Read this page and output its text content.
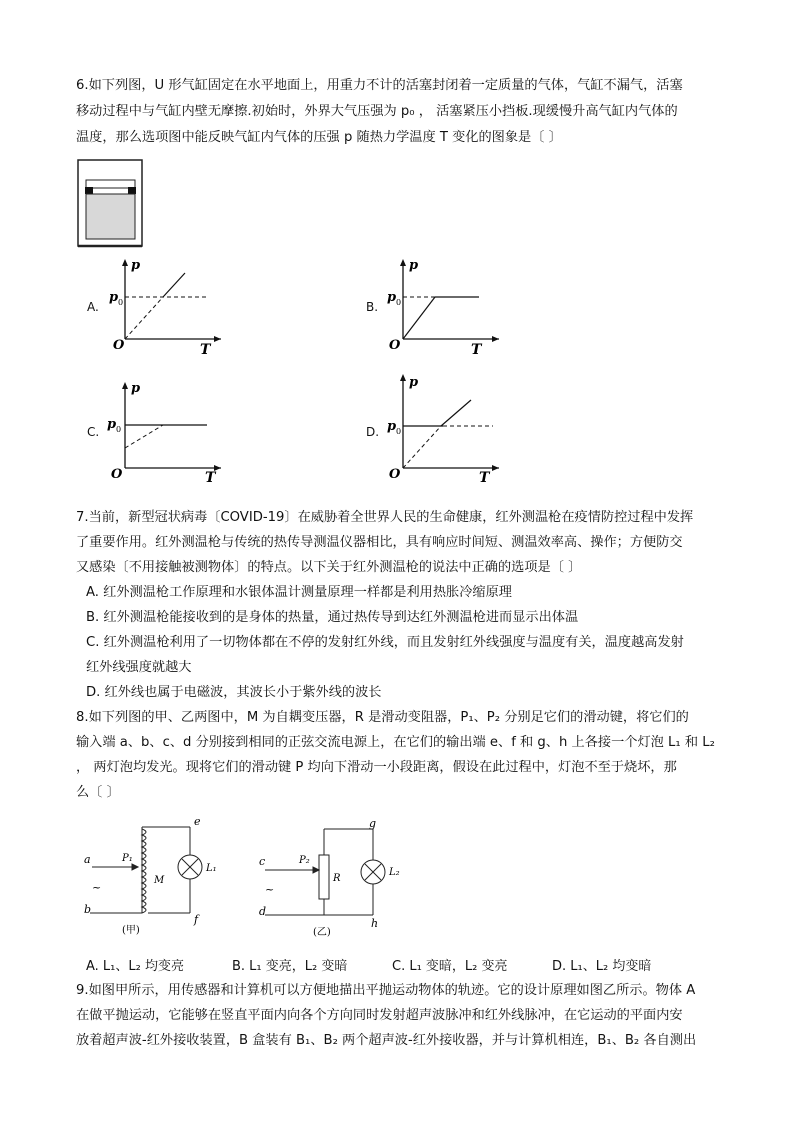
6.如下列图，U 形气缸固定在水平地面上，用重力不计的活塞封闭着一定质量的气体，气缸不漏气，活塞
移动过程中与气缸内壁无摩擦.初始时，外界大气压强为 p₀ ， 活塞紧压小挡板.现缓慢升高气缸内气体的
温度，那么选项图中能反映气缸内气体的压强 p 随热力学温度 T 变化的图象是〔 〕
A.	B.
C.	D.
p
T
O
p 0
p
T
O
p 0
p
T
O
p 0
p
T
O
p 0
7.当前，新型冠状病毒〔COVID-19〕在威胁着全世界人民的生命健康，红外测温枪在疫情防控过程中发挥
了重要作用。红外测温枪与传统的热传导测温仪器相比，具有响应时间短、测温效率高、操作；方便防交
又感染〔不用接触被测物体〕的特点。以下关于红外测温枪的说法中正确的选项是〔 〕
A. 红外测温枪工作原理和水银体温计测量原理一样都是利用热胀冷缩原理
B. 红外测温枪能接收到的是身体的热量，通过热传导到达红外测温枪进而显示出体温
C. 红外测温枪利用了一切物体都在不停的发射红外线，而且发射红外线强度与温度有关，温度越高发射
红外线强度就越大
D. 红外线也属于电磁波，其波长小于紫外线的波长
8.如下列图的甲、乙两图中，M 为自耦变压器，R 是滑动变阻器，P₁、P₂ 分别足它们的滑动键，将它们的
输入端 a、b、c、d 分别接到相同的正弦交流电源上，在它们的输出端 e、f 和 g、h 上各接一个灯泡 L₁ 和 L₂
， 两灯泡均发光。现将它们的滑动键 P 均向下滑动一小段距离，假设在此过程中，灯泡不至于烧坏，那
么〔 〕
a
b
e
f
P₁
M
L₁
~
(甲)
c
d
g
h
P₂
R
L₂
~
(乙)
A. L₁、L₂ 均变亮	B. L₁ 变亮，L₂ 变暗	C. L₁ 变暗，L₂ 变亮	D. L₁、L₂ 均变暗
9.如图甲所示，用传感器和计算机可以方便地描出平抛运动物体的轨迹。它的设计原理如图乙所示。物体 A
在做平抛运动，它能够在竖直平面内向各个方向同时发射超声波脉冲和红外线脉冲，在它运动的平面内安
放着超声波-红外接收装置，B 盒装有 B₁、B₂ 两个超声波-红外接收器，并与计算机相连，B₁、B₂ 各自测出
